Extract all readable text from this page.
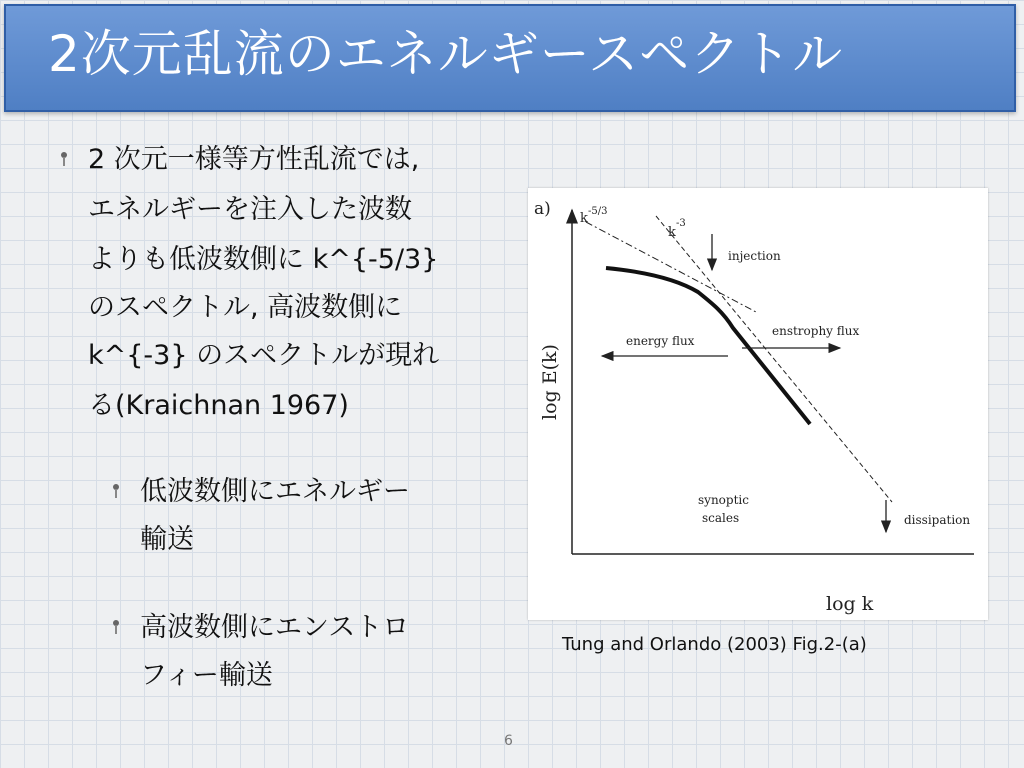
2次元乱流のエネルギースペクトル
2 次元一様等方性乱流では,
エネルギーを注入した波数
よりも低波数側に k^{-5/3}
のスペクトル, 高波数側に
k^{-3} のスペクトルが現れ
る(Kraichnan 1967)
低波数側にエネルギー
輸送
高波数側にエンストロ
フィー輸送
a) k -5/3
k
-3
injection
energy flux
enstrophy flux
synoptic
scales	dissipation
log k
log E(k)
Tung and Orlando (2003) Fig.2-(a)
6
